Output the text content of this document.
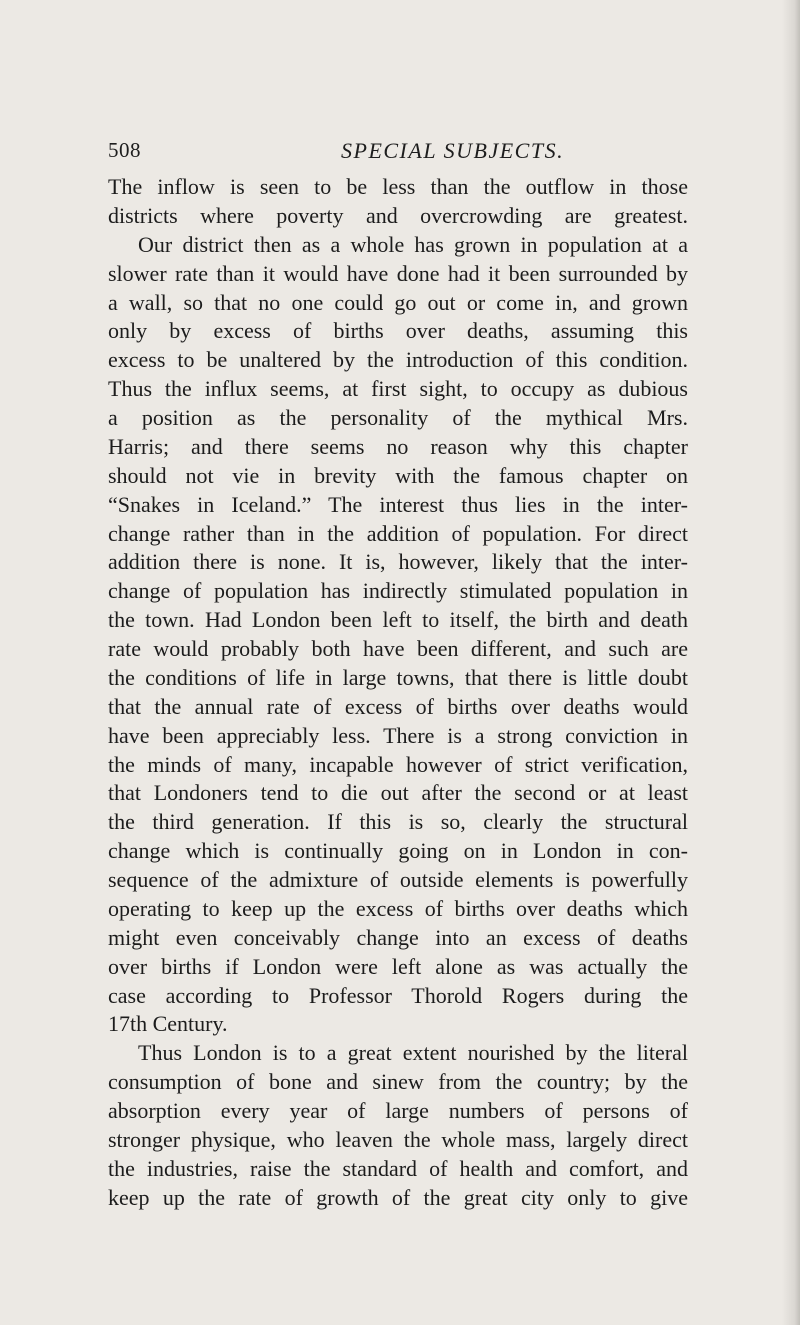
508	SPECIAL SUBJECTS.
The inflow is seen to be less than the outflow in those
districts where poverty and overcrowding are greatest.
Our district then as a whole has grown in population at a
slower rate than it would have done had it been surrounded by
a wall, so that no one could go out or come in, and grown
only by excess of births over deaths, assuming this
excess to be unaltered by the introduction of this condition.
Thus the influx seems, at first sight, to occupy as dubious
a position as the personality of the mythical Mrs.
Harris; and there seems no reason why this chapter
should not vie in brevity with the famous chapter on
“Snakes in Iceland.” The interest thus lies in the inter-
change rather than in the addition of population. For direct
addition there is none. It is, however, likely that the inter-
change of population has indirectly stimulated population in
the town. Had London been left to itself, the birth and death
rate would probably both have been different, and such are
the conditions of life in large towns, that there is little doubt
that the annual rate of excess of births over deaths would
have been appreciably less. There is a strong conviction in
the minds of many, incapable however of strict verification,
that Londoners tend to die out after the second or at least
the third generation. If this is so, clearly the structural
change which is continually going on in London in con-
sequence of the admixture of outside elements is powerfully
operating to keep up the excess of births over deaths which
might even conceivably change into an excess of deaths
over births if London were left alone as was actually the
case according to Professor Thorold Rogers during the
17th Century.
Thus London is to a great extent nourished by the literal
consumption of bone and sinew from the country; by the
absorption every year of large numbers of persons of
stronger physique, who leaven the whole mass, largely direct
the industries, raise the standard of health and comfort, and
keep up the rate of growth of the great city only to give
